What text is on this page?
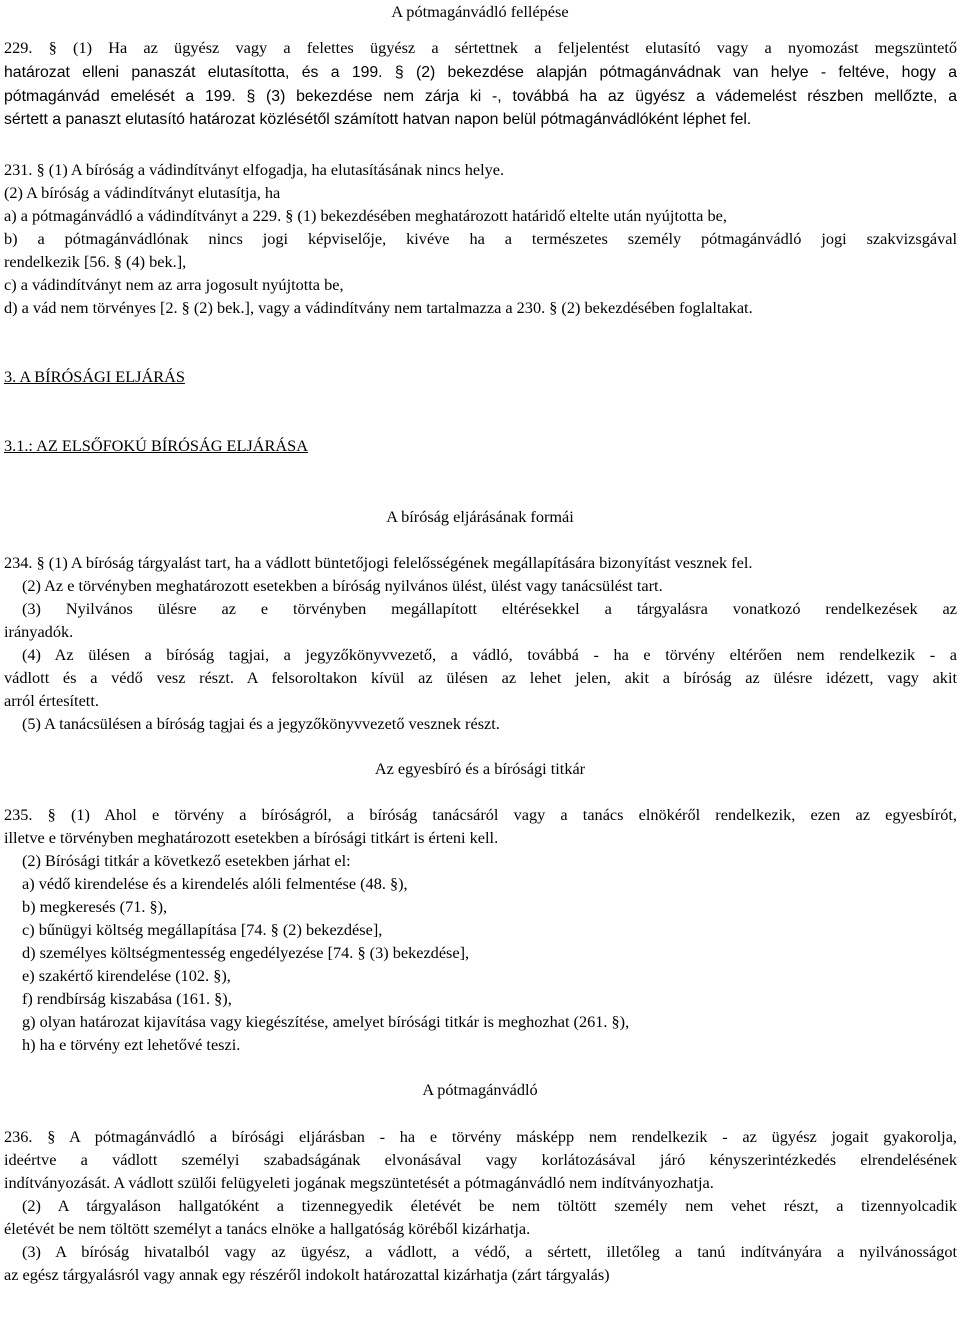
A pótmagánvádló fellépése
229. § (1) Ha az ügyész vagy a felettes ügyész a sértettnek a feljelentést elutasító vagy a nyomozást megszüntető
határozat elleni panaszát elutasította, és a 199. § (2) bekezdése alapján pótmagánvádnak van helye - feltéve, hogy a
pótmagánvád emelését a 199. § (3) bekezdése nem zárja ki -, továbbá ha az ügyész a vádemelést részben mellőzte, a
sértett a panaszt elutasító határozat közlésétől számított hatvan napon belül pótmagánvádlóként léphet fel.
231. § (1) A bíróság a vádindítványt elfogadja, ha elutasításának nincs helye.
(2) A bíróság a vádindítványt elutasítja, ha
a) a pótmagánvádló a vádindítványt a 229. § (1) bekezdésében meghatározott határidő eltelte után nyújtotta be,
b) a pótmagánvádlónak nincs jogi képviselője, kivéve ha a természetes személy pótmagánvádló jogi szakvizsgával
rendelkezik [56. § (4) bek.],
c) a vádindítványt nem az arra jogosult nyújtotta be,
d) a vád nem törvényes [2. § (2) bek.], vagy a vádindítvány nem tartalmazza a 230. § (2) bekezdésében foglaltakat.
3. A BÍRÓSÁGI ELJÁRÁS
3.1.: AZ ELSŐFOKÚ BÍRÓSÁG ELJÁRÁSA
A bíróság eljárásának formái
234. § (1) A bíróság tárgyalást tart, ha a vádlott büntetőjogi felelősségének megállapítására bizonyítást vesznek fel.
(2) Az e törvényben meghatározott esetekben a bíróság nyilvános ülést, ülést vagy tanácsülést tart.
(3) Nyilvános ülésre az e törvényben megállapított eltérésekkel a tárgyalásra vonatkozó rendelkezések az
irányadók.
(4) Az ülésen a bíróság tagjai, a jegyzőkönyvvezető, a vádló, továbbá - ha e törvény eltérően nem rendelkezik - a
vádlott és a védő vesz részt. A felsoroltakon kívül az ülésen az lehet jelen, akit a bíróság az ülésre idézett, vagy akit
arról értesített.
(5) A tanácsülésen a bíróság tagjai és a jegyzőkönyvvezető vesznek részt.
Az egyesbíró és a bírósági titkár
235. § (1) Ahol e törvény a bíróságról, a bíróság tanácsáról vagy a tanács elnökéről rendelkezik, ezen az egyesbírót,
illetve e törvényben meghatározott esetekben a bírósági titkárt is érteni kell.
(2) Bírósági titkár a következő esetekben járhat el:
a) védő kirendelése és a kirendelés alóli felmentése (48. §),
b) megkeresés (71. §),
c) bűnügyi költség megállapítása [74. § (2) bekezdése],
d) személyes költségmentesség engedélyezése [74. § (3) bekezdése],
e) szakértő kirendelése (102. §),
f) rendbírság kiszabása (161. §),
g) olyan határozat kijavítása vagy kiegészítése, amelyet bírósági titkár is meghozhat (261. §),
h) ha e törvény ezt lehetővé teszi.
A pótmagánvádló
236. § A pótmagánvádló a bírósági eljárásban - ha e törvény másképp nem rendelkezik - az ügyész jogait gyakorolja,
ideértve a vádlott személyi szabadságának elvonásával vagy korlátozásával járó kényszerintézkedés elrendelésének
indítványozását. A vádlott szülői felügyeleti jogának megszüntetését a pótmagánvádló nem indítványozhatja.
(2) A tárgyaláson hallgatóként a tizennegyedik életévét be nem töltött személy nem vehet részt, a tizennyolcadik
életévét be nem töltött személyt a tanács elnöke a hallgatóság köréből kizárhatja.
(3) A bíróság hivatalból vagy az ügyész, a vádlott, a védő, a sértett, illetőleg a tanú indítványára a nyilvánosságot
az egész tárgyalásról vagy annak egy részéről indokolt határozattal kizárhatja (zárt tárgyalás)
